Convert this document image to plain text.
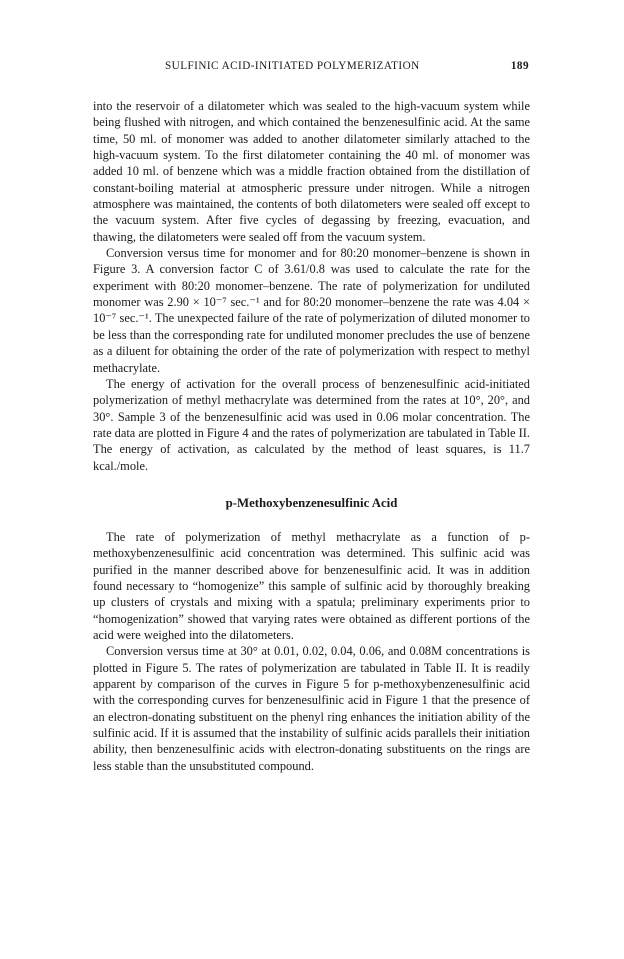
SULFINIC ACID-INITIATED POLYMERIZATION	189

into the reservoir of a dilatometer which was sealed to the high-vacuum system while being flushed with nitrogen, and which contained the benzenesulfinic acid. At the same time, 50 ml. of monomer was added to another dilatometer similarly attached to the high-vacuum system. To the first dilatometer containing the 40 ml. of monomer was added 10 ml. of benzene which was a middle fraction obtained from the distillation of constant-boiling material at atmospheric pressure under nitrogen. While a nitrogen atmosphere was maintained, the contents of both dilatometers were sealed off except to the vacuum system. After five cycles of degassing by freezing, evacuation, and thawing, the dilatometers were sealed off from the vacuum system.

Conversion versus time for monomer and for 80:20 monomer–benzene is shown in Figure 3. A conversion factor C of 3.61/0.8 was used to calculate the rate for the experiment with 80:20 monomer–benzene. The rate of polymerization for undiluted monomer was 2.90 × 10⁻⁷ sec.⁻¹ and for 80:20 monomer–benzene the rate was 4.04 × 10⁻⁷ sec.⁻¹. The unexpected failure of the rate of polymerization of diluted monomer to be less than the corresponding rate for undiluted monomer precludes the use of benzene as a diluent for obtaining the order of the rate of polymerization with respect to methyl methacrylate.

The energy of activation for the overall process of benzenesulfinic acid-initiated polymerization of methyl methacrylate was determined from the rates at 10°, 20°, and 30°. Sample 3 of the benzenesulfinic acid was used in 0.06 molar concentration. The rate data are plotted in Figure 4 and the rates of polymerization are tabulated in Table II. The energy of activation, as calculated by the method of least squares, is 11.7 kcal./mole.

p-Methoxybenzenesulfinic Acid

The rate of polymerization of methyl methacrylate as a function of p-methoxybenzenesulfinic acid concentration was determined. This sulfinic acid was purified in the manner described above for benzenesulfinic acid. It was in addition found necessary to “homogenize” this sample of sulfinic acid by thoroughly breaking up clusters of crystals and mixing with a spatula; preliminary experiments prior to “homogenization” showed that varying rates were obtained as different portions of the acid were weighed into the dilatometers.

Conversion versus time at 30° at 0.01, 0.02, 0.04, 0.06, and 0.08M concentrations is plotted in Figure 5. The rates of polymerization are tabulated in Table II. It is readily apparent by comparison of the curves in Figure 5 for p-methoxybenzenesulfinic acid with the corresponding curves for benzenesulfinic acid in Figure 1 that the presence of an electron-donating substituent on the phenyl ring enhances the initiation ability of the sulfinic acid. If it is assumed that the instability of sulfinic acids parallels their initiation ability, then benzenesulfinic acids with electron-donating substituents on the rings are less stable than the unsubstituted compound.
